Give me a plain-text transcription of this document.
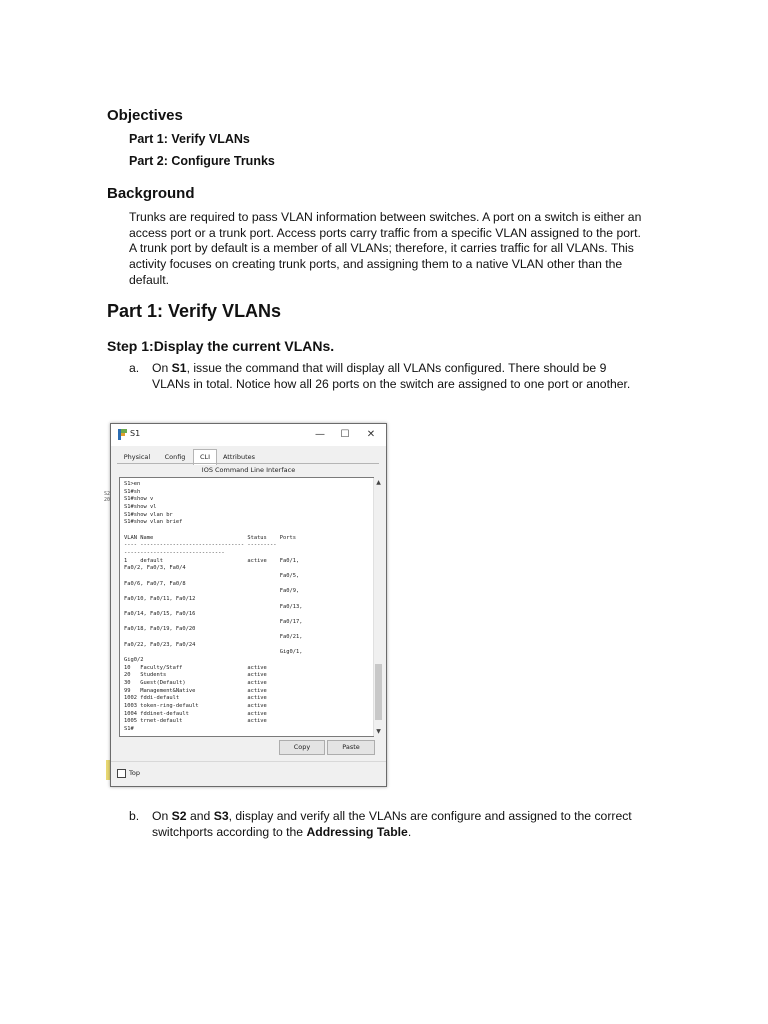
Objectives
Part 1: Verify VLANs
Part 2: Configure Trunks
Background
Trunks are required to pass VLAN information between switches. A port on a switch is either an
access port or a trunk port. Access ports carry traffic from a specific VLAN assigned to the port.
A trunk port by default is a member of all VLANs; therefore, it carries traffic for all VLANs. This
activity focuses on creating trunk ports, and assigning them to a native VLAN other than the
default.
Part 1: Verify VLANs
Step 1:
Display the current VLANs.
a. On S1, issue the command that will display all VLANs configured. There should be 9
VLANs in total. Notice how all 26 ports on the switch are assigned to one port or another.
S2
20
S1	—	☐	✕
Physical	Config	CLI	Attributes
IOS Command Line Interface
S1>en
S1#sh
S1#show v
S1#show vl
S1#show vlan br
S1#show vlan brief

VLAN Name                             Status    Ports
---- -------------------------------- ---------
-------------------------------
1    default                          active    Fa0/1,
Fa0/2, Fa0/3, Fa0/4
Fa0/5,
Fa0/6, Fa0/7, Fa0/8
Fa0/9,
Fa0/10, Fa0/11, Fa0/12
Fa0/13,
Fa0/14, Fa0/15, Fa0/16
Fa0/17,
Fa0/18, Fa0/19, Fa0/20
Fa0/21,
Fa0/22, Fa0/23, Fa0/24
Gig0/1,
Gig0/2
10   Faculty/Staff                    active
20   Students                         active
30   Guest(Default)                   active
99   Management&Native                active
1002 fddi-default                     active
1003 token-ring-default               active
1004 fddinet-default                  active
1005 trnet-default                    active
S1#
▲
▼
Copy	Paste
Top
b. On S2 and S3, display and verify all the VLANs are configure and assigned to the correct
switchports according to the Addressing Table.
